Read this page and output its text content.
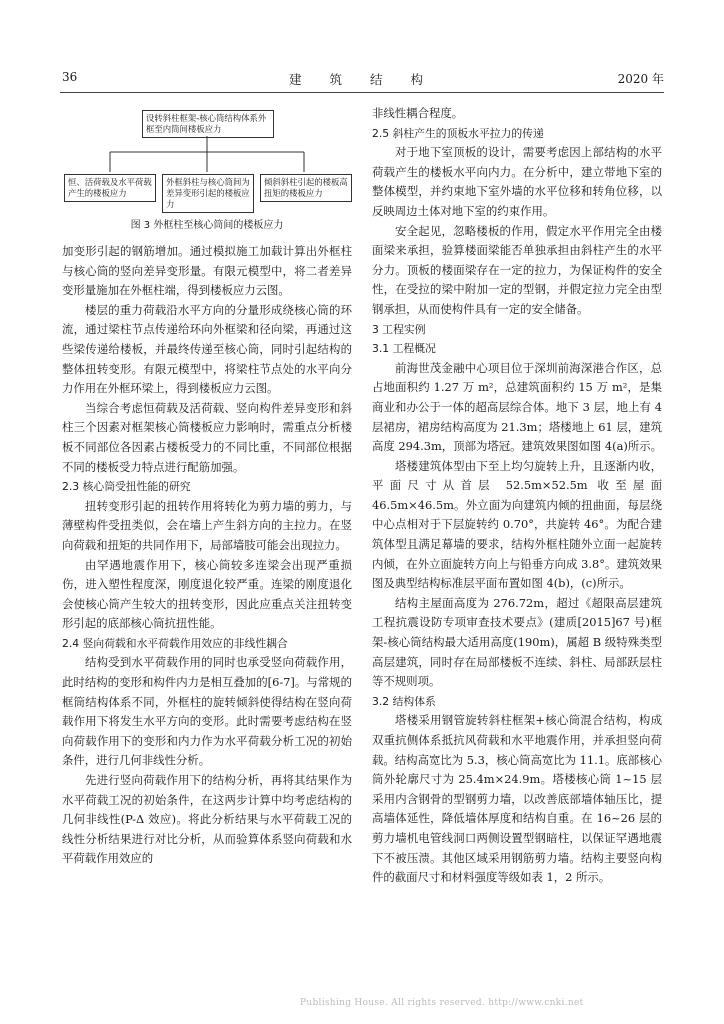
36	建 筑 结 构	2020 年
设转斜柱框架-核心筒结构体系外框至内筒间楼板应力
恒、活荷载及水平荷载产生的楼板应力
外框斜柱与核心筒间为差异变形引起的楼板应力
倾斜斜柱引起的楼板高扭矩的楼板应力
图 3 外框柱至核心筒间的楼板应力

加变形引起的钢筋增加。通过模拟施工加载计算出外框柱与核心筒的竖向差异变形量。有限元模型中，将二者差异变形量施加在外框柱端，得到楼板应力云图。

楼层的重力荷载沿水平方向的分量形成绕核心筒的环流，通过梁柱节点传递给环向外框梁和径向梁，再通过这些梁传递给楼板，并最终传递至核心筒，同时引起结构的整体扭转变形。有限元模型中，将梁柱节点处的水平向分力作用在外框环梁上，得到楼板应力云图。

当综合考虑恒荷载及活荷载、竖向构件差异变形和斜柱三个因素对框架核心筒楼板应力影响时，需重点分析楼板不同部位各因素占楼板受力的不同比重，不同部位根据不同的楼板受力特点进行配筋加强。

2.3 核心筒受扭性能的研究

扭转变形引起的扭转作用将转化为剪力墙的剪力，与薄壁构件受扭类似，会在墙上产生斜方向的主拉力。在竖向荷载和扭矩的共同作用下，局部墙肢可能会出现拉力。

由罕遇地震作用下，核心筒较多连梁会出现严重损伤，进入塑性程度深，刚度退化较严重。连梁的刚度退化会使核心筒产生较大的扭转变形，因此应重点关注扭转变形引起的底部核心筒抗扭性能。

2.4 竖向荷载和水平荷载作用效应的非线性耦合

结构受到水平荷载作用的同时也承受竖向荷载作用，此时结构的变形和构件内力是相互叠加的[6-7]。与常规的框筒结构体系不同，外框柱的旋转倾斜使得结构在竖向荷载作用下将发生水平方向的变形。此时需要考虑结构在竖向荷载作用下的变形和内力作为水平荷载分析工况的初始条件，进行几何非线性分析。

先进行竖向荷载作用下的结构分析，再将其结果作为水平荷载工况的初始条件，在这两步计算中均考虑结构的几何非线性(P-Δ 效应)。将此分析结果与水平荷载工况的线性分析结果进行对比分析，从而验算体系竖向荷载和水平荷载作用效应的

非线性耦合程度。

2.5 斜柱产生的顶板水平拉力的传递

对于地下室顶板的设计，需要考虑因上部结构的水平荷载产生的楼板水平向内力。在分析中，建立带地下室的整体模型，并约束地下室外墙的水平位移和转角位移，以反映周边土体对地下室的约束作用。

安全起见，忽略楼板的作用，假定水平作用完全由楼面梁来承担，验算楼面梁能否单独承担由斜柱产生的水平分力。顶板的楼面梁存在一定的拉力，为保证构件的安全性，在受拉的梁中附加一定的型钢，并假定拉力完全由型钢承担，从而使构件具有一定的安全储备。

3 工程实例

3.1 工程概况

前海世茂金融中心项目位于深圳前海深港合作区，总占地面积约 1.27 万 m²，总建筑面积约 15 万 m²，是集商业和办公于一体的超高层综合体。地下 3 层，地上有 4 层裙房，裙房结构高度为 21.3m；塔楼地上 61 层，建筑高度 294.3m，顶部为塔冠。建筑效果图如图 4(a)所示。

塔楼建筑体型由下至上均匀旋转上升，且逐渐内收，平面尺寸从首层 52.5m×52.5m 收至屋面 46.5m×46.5m。外立面为向建筑内倾的扭曲面，每层绕中心点相对于下层旋转约 0.70°，共旋转 46°。为配合建筑体型且满足幕墙的要求，结构外框柱随外立面一起旋转内倾，在外立面旋转方向上与铅垂方向成 3.8°。建筑效果图及典型结构标准层平面布置如图 4(b)，(c)所示。

结构主屋面高度为 276.72m，超过《超限高层建筑工程抗震设防专项审查技术要点》(建质[2015]67 号)框架-核心筒结构最大适用高度(190m)，属超 B 级特殊类型高层建筑，同时存在局部楼板不连续、斜柱、局部跃层柱等不规则项。

3.2 结构体系

塔楼采用钢管旋转斜柱框架+核心筒混合结构，构成双重抗侧体系抵抗风荷载和水平地震作用，并承担竖向荷载。结构高宽比为 5.3，核心筒高宽比为 11.1。底部核心筒外轮廓尺寸为 25.4m×24.9m。塔楼核心筒 1~15 层采用内含钢骨的型钢剪力墙，以改善底部墙体轴压比，提高墙体延性，降低墙体厚度和结构自重。在 16~26 层的剪力墙机电管线洞口两侧设置型钢暗柱，以保证罕遇地震下不被压溃。其他区域采用钢筋剪力墙。结构主要竖向构件的截面尺寸和材料强度等级如表 1，2 所示。

Publishing House. All rights reserved. http://www.cnki.net
